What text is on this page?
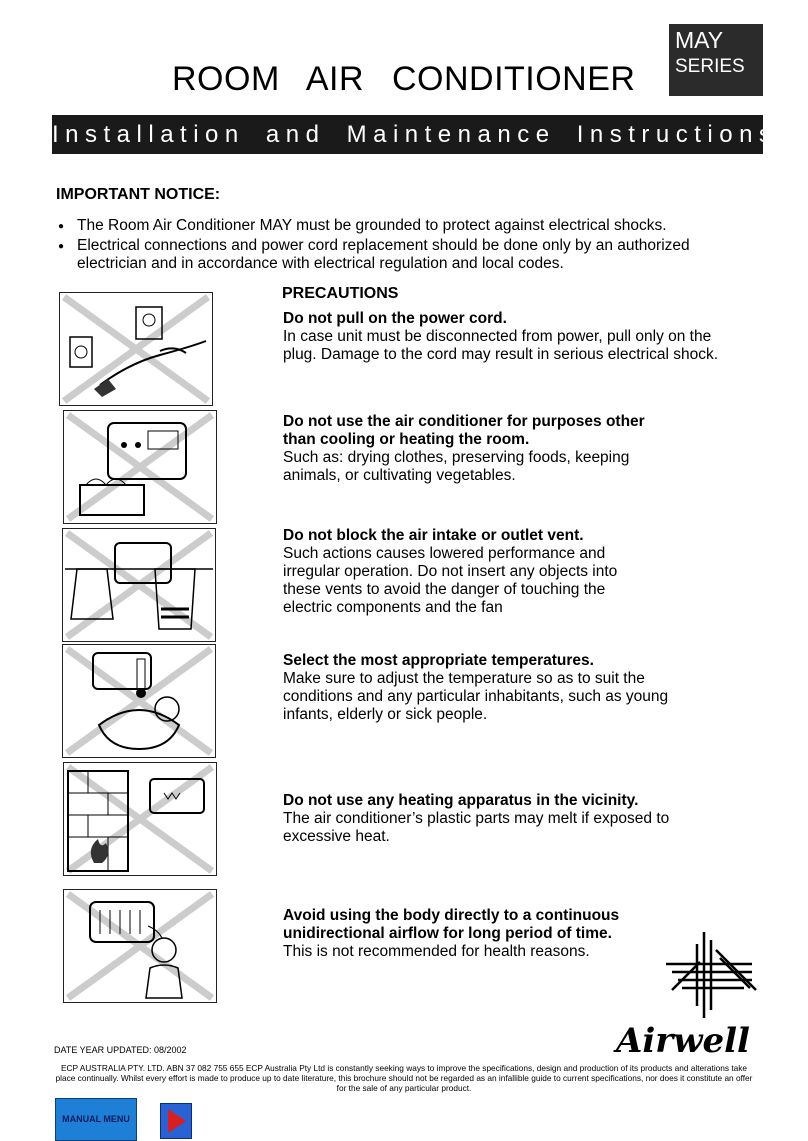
ROOM AIR CONDITIONER
MAY
SERIES
Installation and Maintenance Instructions
IMPORTANT NOTICE:
● The Room Air Conditioner MAY must be grounded to protect against electrical shocks.
● Electrical connections and power cord replacement should be done only by an authorized electrician and in accordance with electrical regulation and local codes.
PRECAUTIONS
Do not pull on the power cord.
In case unit must be disconnected from power, pull only on the plug. Damage to the cord may result in serious electrical shock.
Do not use the air conditioner for purposes other than cooling or heating the room.
Such as: drying clothes, preserving foods, keeping animals, or cultivating vegetables.
Do not block the air intake or outlet vent.
Such actions causes lowered performance and irregular operation. Do not insert any objects into these vents to avoid the danger of touching the electric components and the fan
Select the most appropriate temperatures.
Make sure to adjust the temperature so as to suit the conditions and any particular inhabitants, such as young infants, elderly or sick people.
Do not use any heating apparatus in the vicinity.
The air conditioner’s plastic parts may melt if exposed to excessive heat.
Avoid using the body directly to a continuous unidirectional airflow for long period of time.
This is not recommended for health reasons.
Airwell
DATE YEAR UPDATED: 08/2002
ECP AUSTRALIA PTY. LTD. ABN 37 082 755 655 ECP Australia Pty Ltd is constantly seeking ways to improve the specifications, design and production of its products and alterations take place continually. Whilst every effort is made to produce up to date literature, this brochure should not be regarded as an infallible guide to current specifications, nor does it constitute an offer for the sale of any particular product.
MANUAL MENU
